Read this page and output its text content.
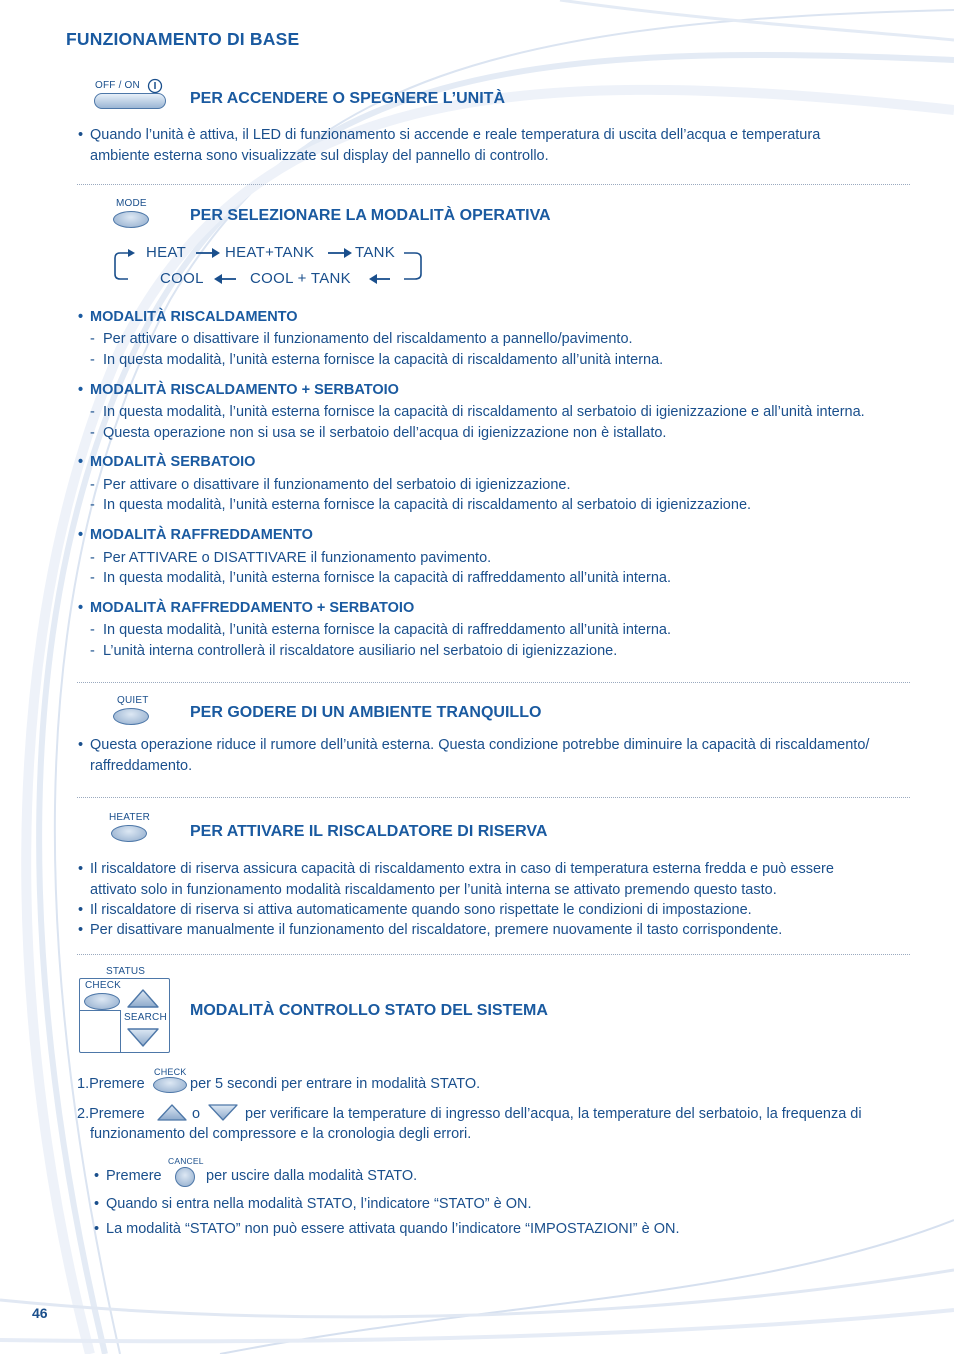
FUNZIONAMENTO DI BASE
OFF / ON
PER ACCENDERE O SPEGNERE L’UNITÀ
• Quando l’unità è attiva, il LED di funzionamento si accende e reale temperatura di uscita dell’acqua e temperatura
ambiente esterna sono visualizzate sul display del pannello di controllo.
MODE
PER SELEZIONARE LA MODALITÀ OPERATIVA
HEAT	HEAT+TANK	TANK
COOL	COOL + TANK
• MODALITÀ RISCALDAMENTO
- Per attivare o disattivare il funzionamento del riscaldamento a pannello/pavimento.
- In questa modalità, l’unità esterna fornisce la capacità di riscaldamento all’unità interna.
• MODALITÀ RISCALDAMENTO + SERBATOIO
- In questa modalità, l’unità esterna fornisce la capacità di riscaldamento al serbatoio di igienizzazione e all’unità interna.
- Questa operazione non si usa se il serbatoio dell’acqua di igienizzazione non è istallato.
• MODALITÀ SERBATOIO
- Per attivare o disattivare il funzionamento del serbatoio di igienizzazione.
- In questa modalità, l’unità esterna fornisce la capacità di riscaldamento al serbatoio di igienizzazione.
• MODALITÀ RAFFREDDAMENTO
- Per ATTIVARE o DISATTIVARE il funzionamento pavimento.
- In questa modalità, l’unità esterna fornisce la capacità di raffreddamento all’unità interna.
• MODALITÀ RAFFREDDAMENTO + SERBATOIO
- In questa modalità, l’unità esterna fornisce la capacità di raffreddamento all’unità interna.
- L’unità interna controllerà il riscaldatore ausiliario nel serbatoio di igienizzazione.
QUIET
PER GODERE DI UN AMBIENTE TRANQUILLO
• Questa operazione riduce il rumore dell’unità esterna. Questa condizione potrebbe diminuire la capacità di riscaldamento/
raffreddamento.
HEATER
PER ATTIVARE IL RISCALDATORE DI RISERVA
• Il riscaldatore di riserva assicura capacità di riscaldamento extra in caso di temperatura esterna fredda e può essere
attivato solo in funzionamento modalità riscaldamento per l’unità interna se attivato premendo questo tasto.
• Il riscaldatore di riserva si attiva automaticamente quando sono rispettate le condizioni di impostazione.
• Per disattivare manualmente il funzionamento del riscaldatore, premere nuovamente il tasto corrispondente.
STATUS
CHECK
SEARCH MODALITÀ CONTROLLO STATO DEL SISTEMA
1.Premere
CHECK
per 5 secondi per entrare in modalità STATO.
2.Premere	o	per verificare la temperature di ingresso dell’acqua, la temperature del serbatoio, la frequenza di
funzionamento del compressore e la cronologia degli errori.
• Premere
CANCEL
per uscire dalla modalità STATO.
• Quando si entra nella modalità STATO, l’indicatore “STATO” è ON.
• La modalità “STATO” non può essere attivata quando l’indicatore “IMPOSTAZIONI” è ON.
46
